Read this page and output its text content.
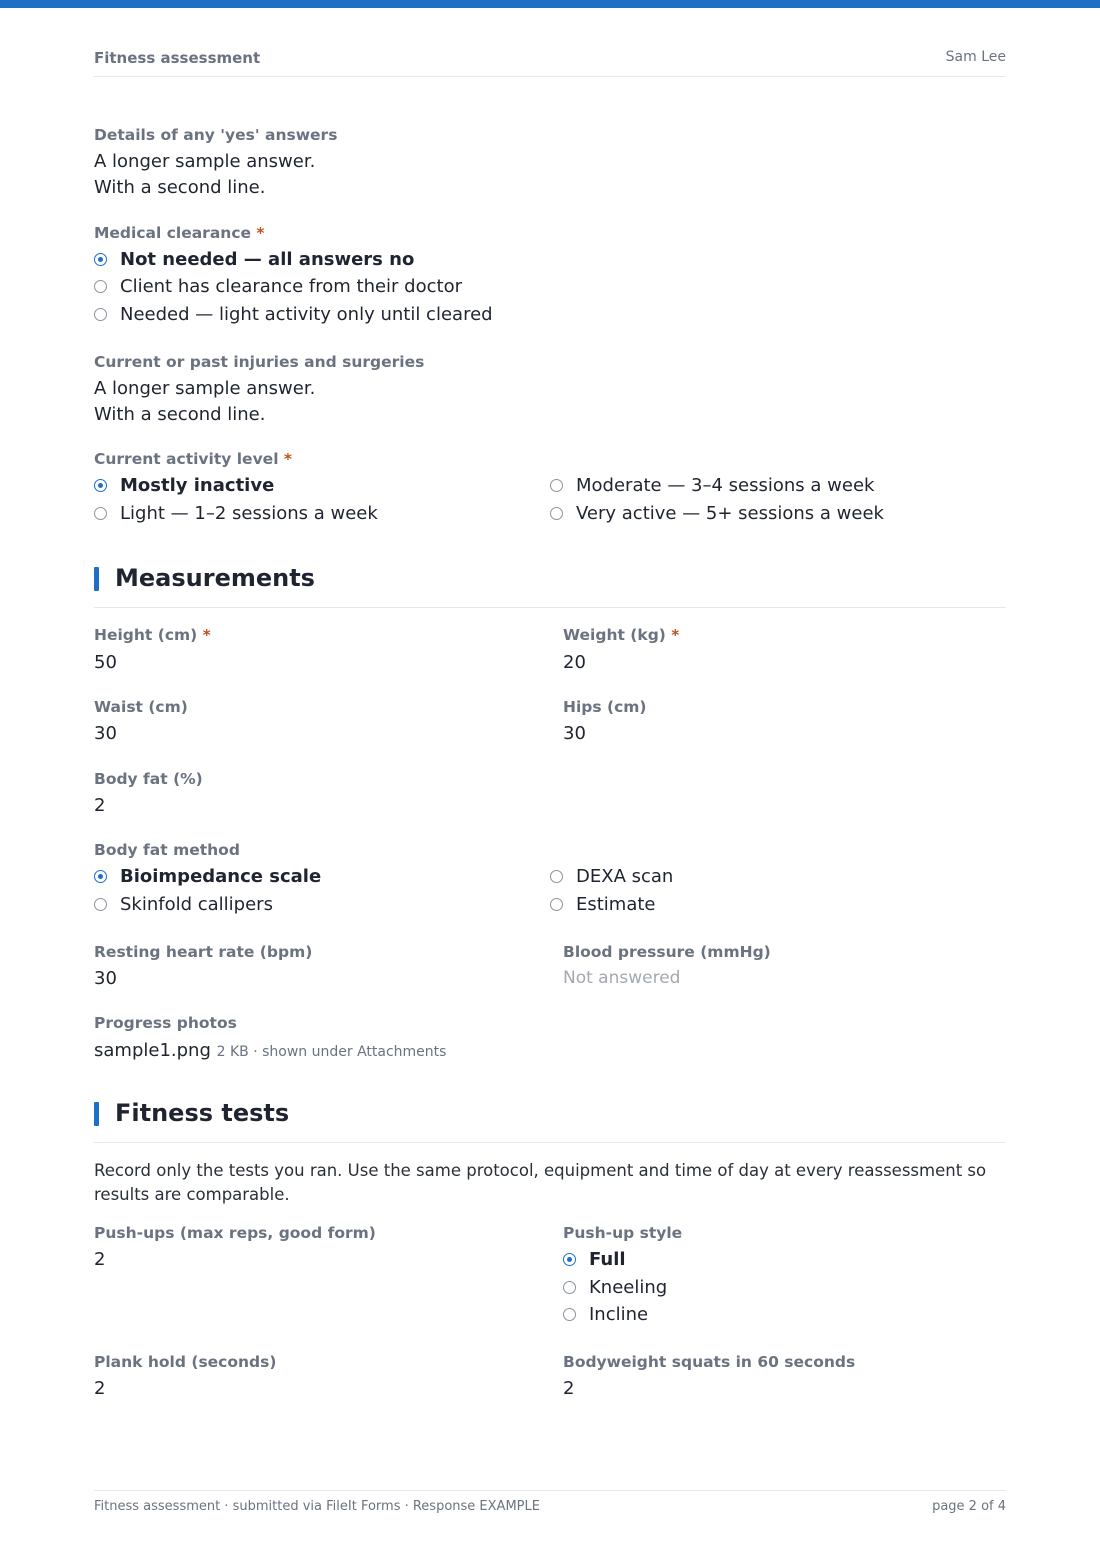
Fitness assessment	Sam Lee
Details of any 'yes' answers
A longer sample answer.
With a second line.
Medical clearance *
Not needed — all answers no
Client has clearance from their doctor
Needed — light activity only until cleared
Current or past injuries and surgeries
A longer sample answer.
With a second line.
Current activity level *
Mostly inactive
Light — 1–2 sessions a week
Moderate — 3–4 sessions a week
Very active — 5+ sessions a week
Measurements
Height (cm) *
50
Weight (kg) *
20
Waist (cm)
30
Hips (cm)
30
Body fat (%)
2
Body fat method
Bioimpedance scale
Skinfold callipers
DEXA scan
Estimate
Resting heart rate (bpm)
30
Blood pressure (mmHg)
Not answered
Progress photos
sample1.png 2 KB · shown under Attachments
Fitness tests
Record only the tests you ran. Use the same protocol, equipment and time of day at every reassessment so results are comparable.
Push-ups (max reps, good form)
2
Push-up style
Full
Kneeling
Incline
Plank hold (seconds)
2
Bodyweight squats in 60 seconds
2
Fitness assessment · submitted via FileIt Forms · Response EXAMPLE	page 2 of 4
